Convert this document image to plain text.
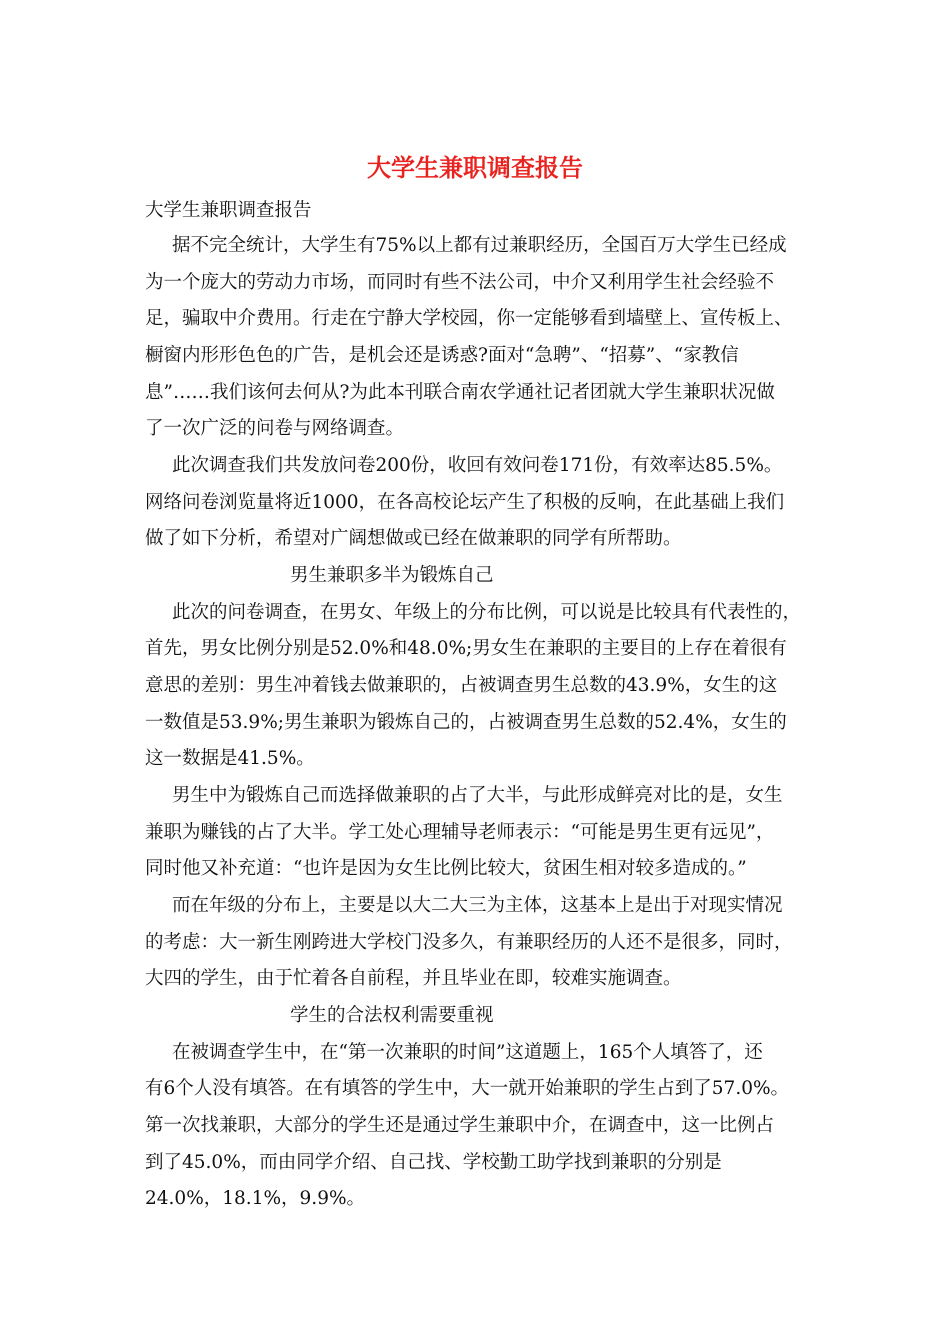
大学生兼职调查报告

大学生兼职调查报告

据不完全统计，大学生有75%以上都有过兼职经历，全国百万大学生已经成

为一个庞大的劳动力市场，而同时有些不法公司，中介又利用学生社会经验不

足，骗取中介费用。行走在宁静大学校园，你一定能够看到墙壁上、宣传板上、

橱窗内形形色色的广告，是机会还是诱惑?面对“急聘”、“招募”、“家教信

息”……我们该何去何从?为此本刊联合南农学通社记者团就大学生兼职状况做

了一次广泛的问卷与网络调查。

此次调查我们共发放问卷200份，收回有效问卷171份，有效率达85.5%。

网络问卷浏览量将近1000，在各高校论坛产生了积极的反响，在此基础上我们

做了如下分析，希望对广阔想做或已经在做兼职的同学有所帮助。

男生兼职多半为锻炼自己

此次的问卷调查，在男女、年级上的分布比例，可以说是比较具有代表性的，

首先，男女比例分别是52.0%和48.0%;男女生在兼职的主要目的上存在着很有

意思的差别：男生冲着钱去做兼职的，占被调查男生总数的43.9%，女生的这

一数值是53.9%;男生兼职为锻炼自己的，占被调查男生总数的52.4%，女生的

这一数据是41.5%。

男生中为锻炼自己而选择做兼职的占了大半，与此形成鲜亮对比的是，女生

兼职为赚钱的占了大半。学工处心理辅导老师表示：“可能是男生更有远见”，

同时他又补充道：“也许是因为女生比例比较大，贫困生相对较多造成的。”

而在年级的分布上，主要是以大二大三为主体，这基本上是出于对现实情况

的考虑：大一新生刚跨进大学校门没多久，有兼职经历的人还不是很多，同时，

大四的学生，由于忙着各自前程，并且毕业在即，较难实施调查。

学生的合法权利需要重视

在被调查学生中，在“第一次兼职的时间”这道题上，165个人填答了，还

有6个人没有填答。在有填答的学生中，大一就开始兼职的学生占到了57.0%。

第一次找兼职，大部分的学生还是通过学生兼职中介，在调查中，这一比例占

到了45.0%，而由同学介绍、自己找、学校勤工助学找到兼职的分别是

24.0%，18.1%，9.9%。
